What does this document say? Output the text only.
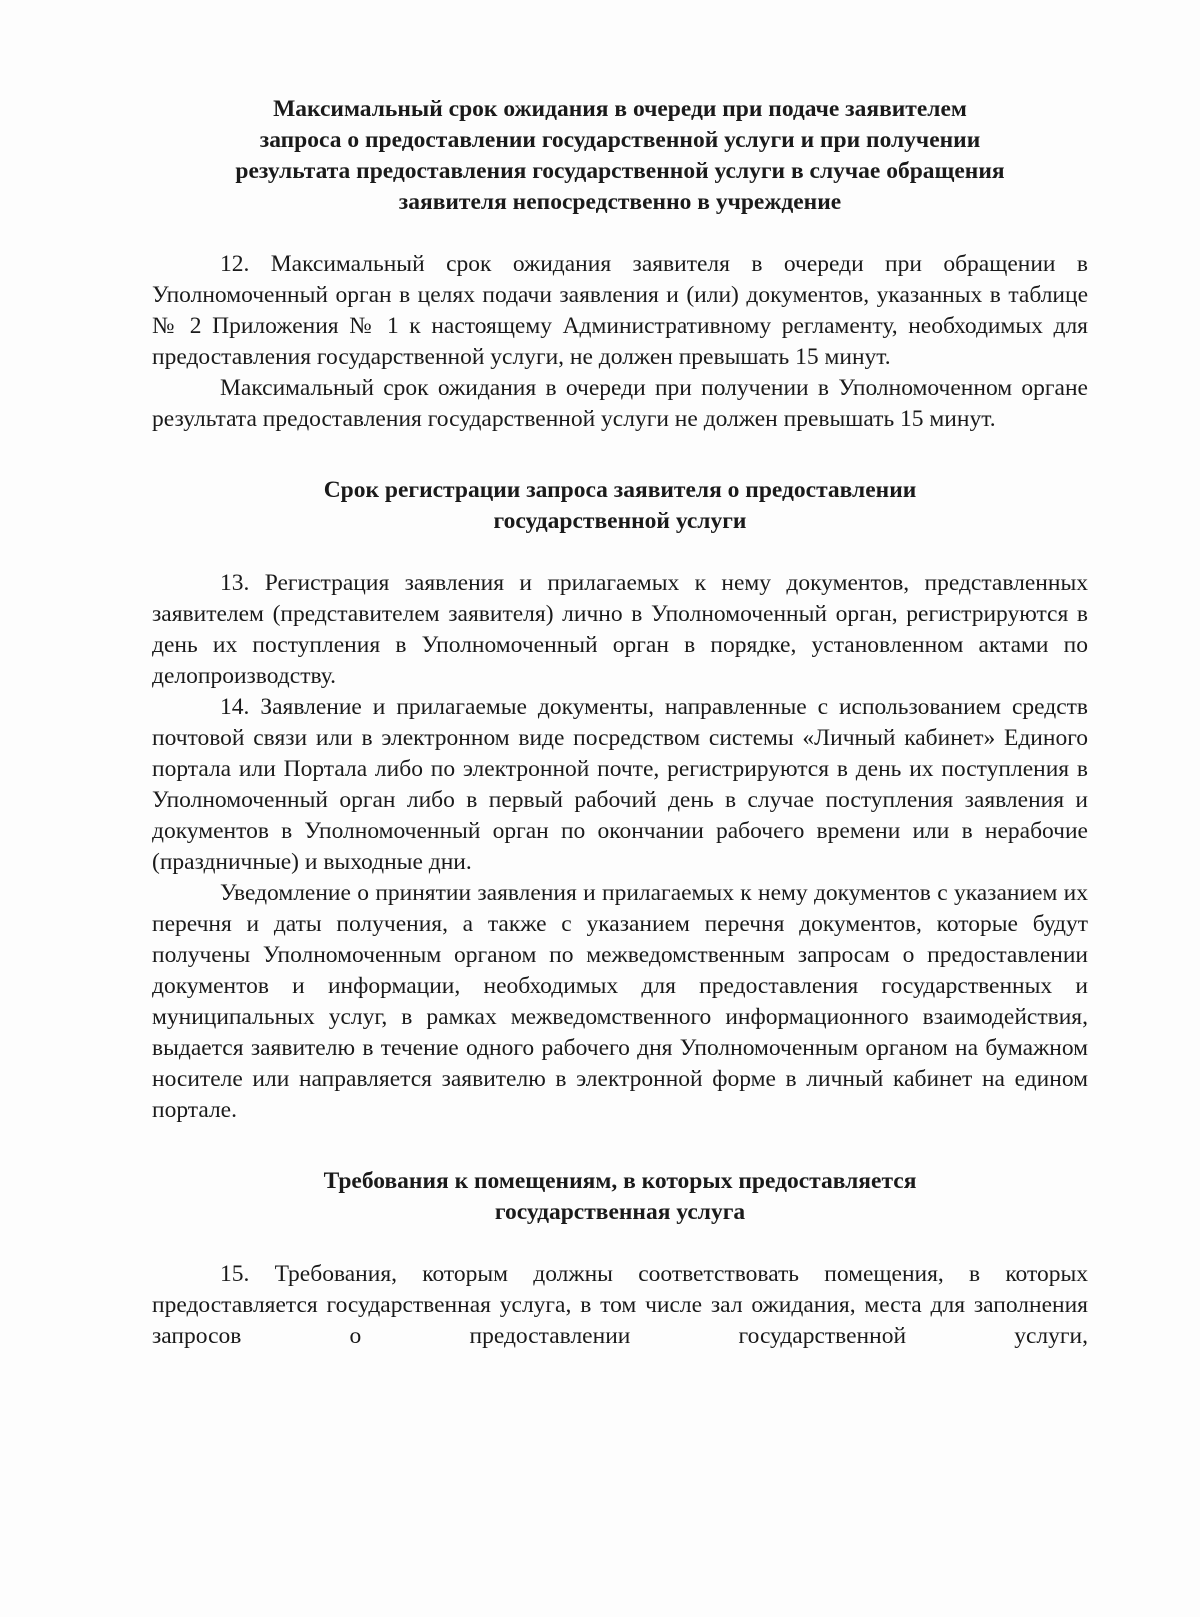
Максимальный срок ожидания в очереди при подаче заявителем
запроса о предоставлении государственной услуги и при получении
результата предоставления государственной услуги в случае обращения
заявителя непосредственно в учреждение

12. Максимальный срок ожидания заявителя в очереди при обращении в Уполномоченный орган в целях подачи заявления и (или) документов, указанных в таблице № 2 Приложения № 1 к настоящему Административному регламенту, необходимых для предоставления государственной услуги, не должен превышать 15 минут.

Максимальный срок ожидания в очереди при получении в Уполномоченном органе результата предоставления государственной услуги не должен превышать 15 минут.

Срок регистрации запроса заявителя о предоставлении
государственной услуги

13. Регистрация заявления и прилагаемых к нему документов, представленных заявителем (представителем заявителя) лично в Уполномоченный орган, регистрируются в день их поступления в Уполномоченный орган в порядке, установленном актами по делопроизводству.

14. Заявление и прилагаемые документы, направленные с использованием средств почтовой связи или в электронном виде посредством системы «Личный кабинет» Единого портала или Портала либо по электронной почте, регистрируются в день их поступления в Уполномоченный орган либо в первый рабочий день в случае поступления заявления и документов в Уполномоченный орган по окончании рабочего времени или в нерабочие (праздничные) и выходные дни.

Уведомление о принятии заявления и прилагаемых к нему документов с указанием их перечня и даты получения, а также с указанием перечня документов, которые будут получены Уполномоченным органом по межведомственным запросам о предоставлении документов и информации, необходимых для предоставления государственных и муниципальных услуг, в рамках межведомственного информационного взаимодействия, выдается заявителю в течение одного рабочего дня Уполномоченным органом на бумажном носителе или направляется заявителю в электронной форме в личный кабинет на едином портале.

Требования к помещениям, в которых предоставляется
государственная услуга

15. Требования, которым должны соответствовать помещения, в которых предоставляется государственная услуга, в том числе зал ожидания, места для заполнения запросов о предоставлении государственной услуги,
